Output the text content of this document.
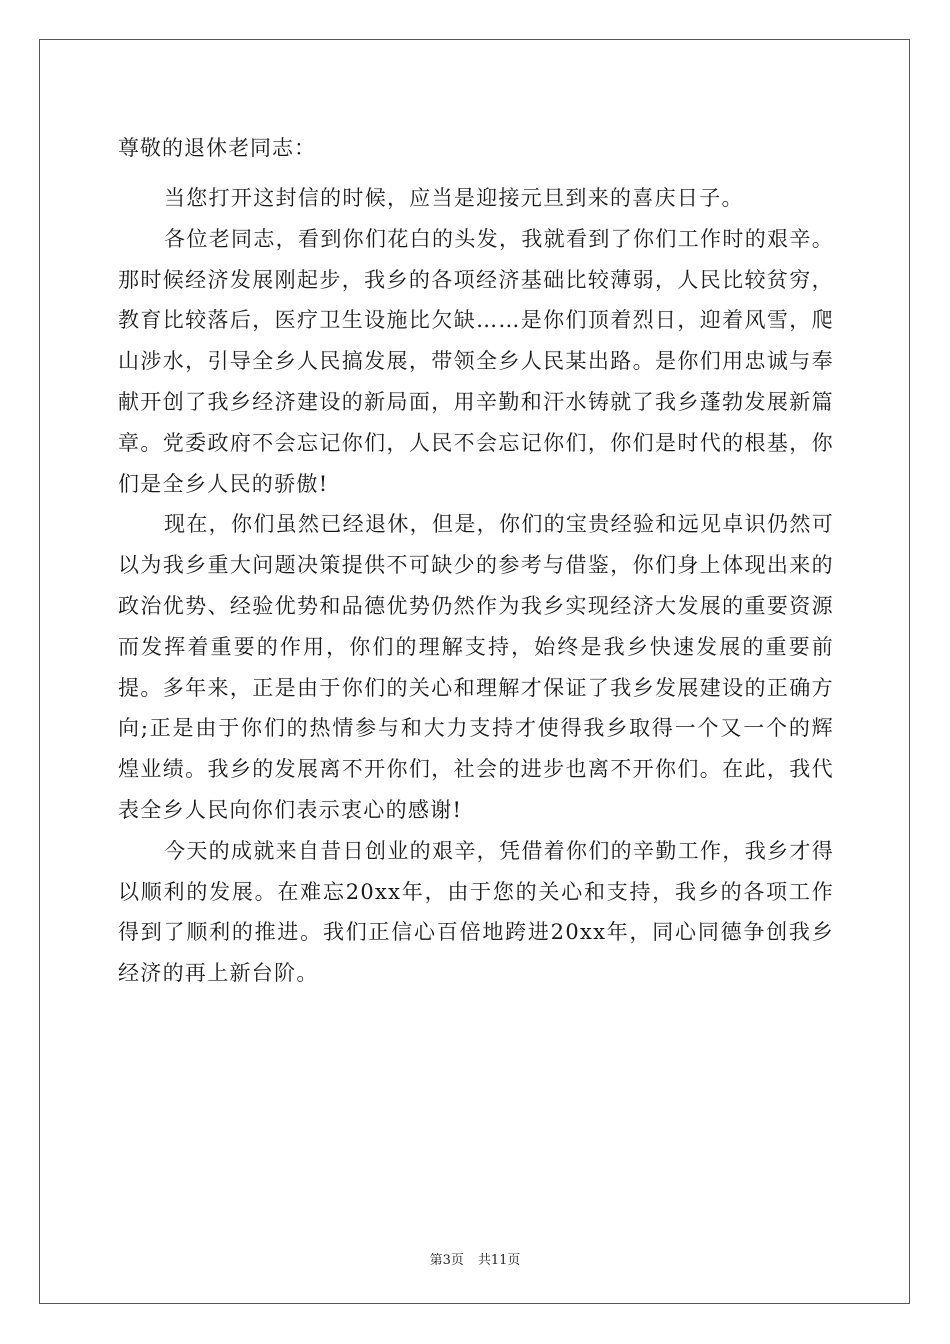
尊敬的退休老同志：

当您打开这封信的时候，应当是迎接元旦到来的喜庆日子。

各位老同志，看到你们花白的头发，我就看到了你们工作时的艰辛。那时候经济发展刚起步，我乡的各项经济基础比较薄弱，人民比较贫穷，教育比较落后，医疗卫生设施比欠缺……是你们顶着烈日，迎着风雪，爬山涉水，引导全乡人民搞发展，带领全乡人民某出路。是你们用忠诚与奉献开创了我乡经济建设的新局面，用辛勤和汗水铸就了我乡蓬勃发展新篇章。党委政府不会忘记你们，人民不会忘记你们，你们是时代的根基，你们是全乡人民的骄傲!

现在，你们虽然已经退休，但是，你们的宝贵经验和远见卓识仍然可以为我乡重大问题决策提供不可缺少的参考与借鉴，你们身上体现出来的政治优势、经验优势和品德优势仍然作为我乡实现经济大发展的重要资源而发挥着重要的作用，你们的理解支持，始终是我乡快速发展的重要前提。多年来，正是由于你们的关心和理解才保证了我乡发展建设的正确方向;正是由于你们的热情参与和大力支持才使得我乡取得一个又一个的辉煌业绩。我乡的发展离不开你们，社会的进步也离不开你们。在此，我代表全乡人民向你们表示衷心的感谢!

今天的成就来自昔日创业的艰辛，凭借着你们的辛勤工作，我乡才得以顺利的发展。在难忘20xx年，由于您的关心和支持，我乡的各项工作得到了顺利的推进。我们正信心百倍地跨进20xx年，同心同德争创我乡经济的再上新台阶。

第3页 共11页
